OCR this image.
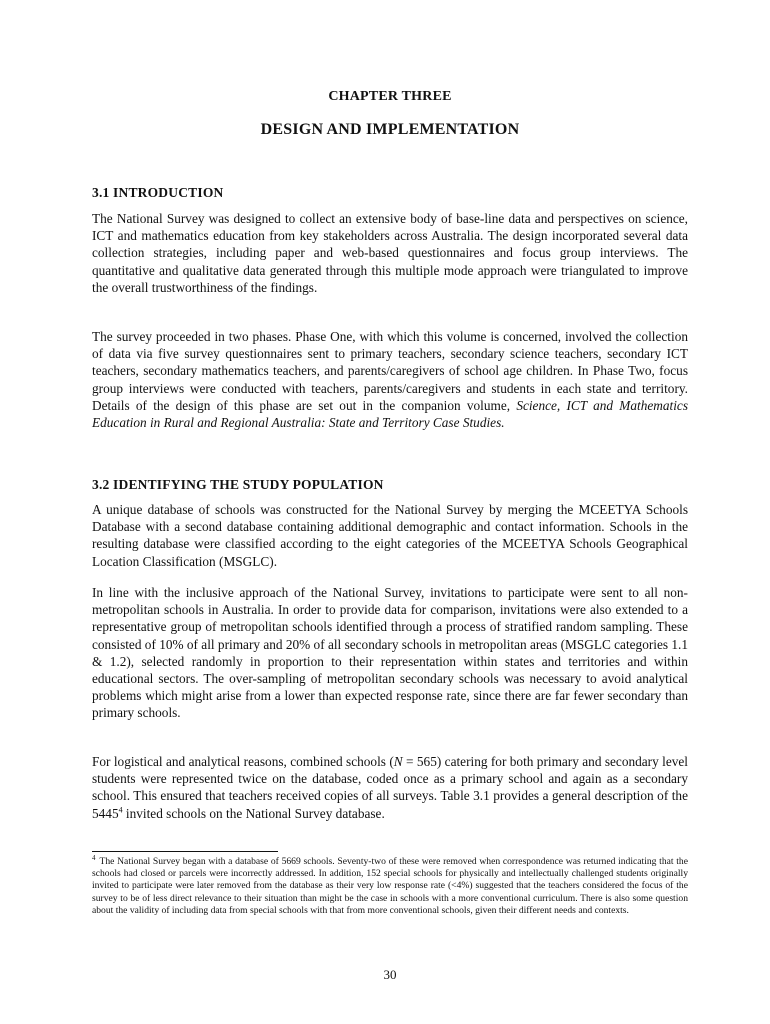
CHAPTER THREE
DESIGN AND IMPLEMENTATION
3.1 INTRODUCTION
The National Survey was designed to collect an extensive body of base-line data and perspectives on science, ICT and mathematics education from key stakeholders across Australia. The design incorporated several data collection strategies, including paper and web-based questionnaires and focus group interviews. The quantitative and qualitative data generated through this multiple mode approach were triangulated to improve the overall trustworthiness of the findings.
The survey proceeded in two phases. Phase One, with which this volume is concerned, involved the collection of data via five survey questionnaires sent to primary teachers, secondary science teachers, secondary ICT teachers, secondary mathematics teachers, and parents/caregivers of school age children. In Phase Two, focus group interviews were conducted with teachers, parents/caregivers and students in each state and territory. Details of the design of this phase are set out in the companion volume, Science, ICT and Mathematics Education in Rural and Regional Australia: State and Territory Case Studies.
3.2 IDENTIFYING THE STUDY POPULATION
A unique database of schools was constructed for the National Survey by merging the MCEETYA Schools Database with a second database containing additional demographic and contact information. Schools in the resulting database were classified according to the eight categories of the MCEETYA Schools Geographical Location Classification (MSGLC).
In line with the inclusive approach of the National Survey, invitations to participate were sent to all non-metropolitan schools in Australia. In order to provide data for comparison, invitations were also extended to a representative group of metropolitan schools identified through a process of stratified random sampling. These consisted of 10% of all primary and 20% of all secondary schools in metropolitan areas (MSGLC categories 1.1 & 1.2), selected randomly in proportion to their representation within states and territories and within educational sectors. The over-sampling of metropolitan secondary schools was necessary to avoid analytical problems which might arise from a lower than expected response rate, since there are far fewer secondary than primary schools.
For logistical and analytical reasons, combined schools (N = 565) catering for both primary and secondary level students were represented twice on the database, coded once as a primary school and again as a secondary school. This ensured that teachers received copies of all surveys. Table 3.1 provides a general description of the 5445$^4$ invited schools on the National Survey database.
$^4$ The National Survey began with a database of 5669 schools. Seventy-two of these were removed when correspondence was returned indicating that the schools had closed or parcels were incorrectly addressed. In addition, 152 special schools for physically and intellectually challenged students originally invited to participate were later removed from the database as their very low response rate (<4%) suggested that the teachers considered the focus of the survey to be of less direct relevance to their situation than might be the case in schools with a more conventional curriculum. There is also some question about the validity of including data from special schools with that from more conventional schools, given their different needs and contexts.
30
